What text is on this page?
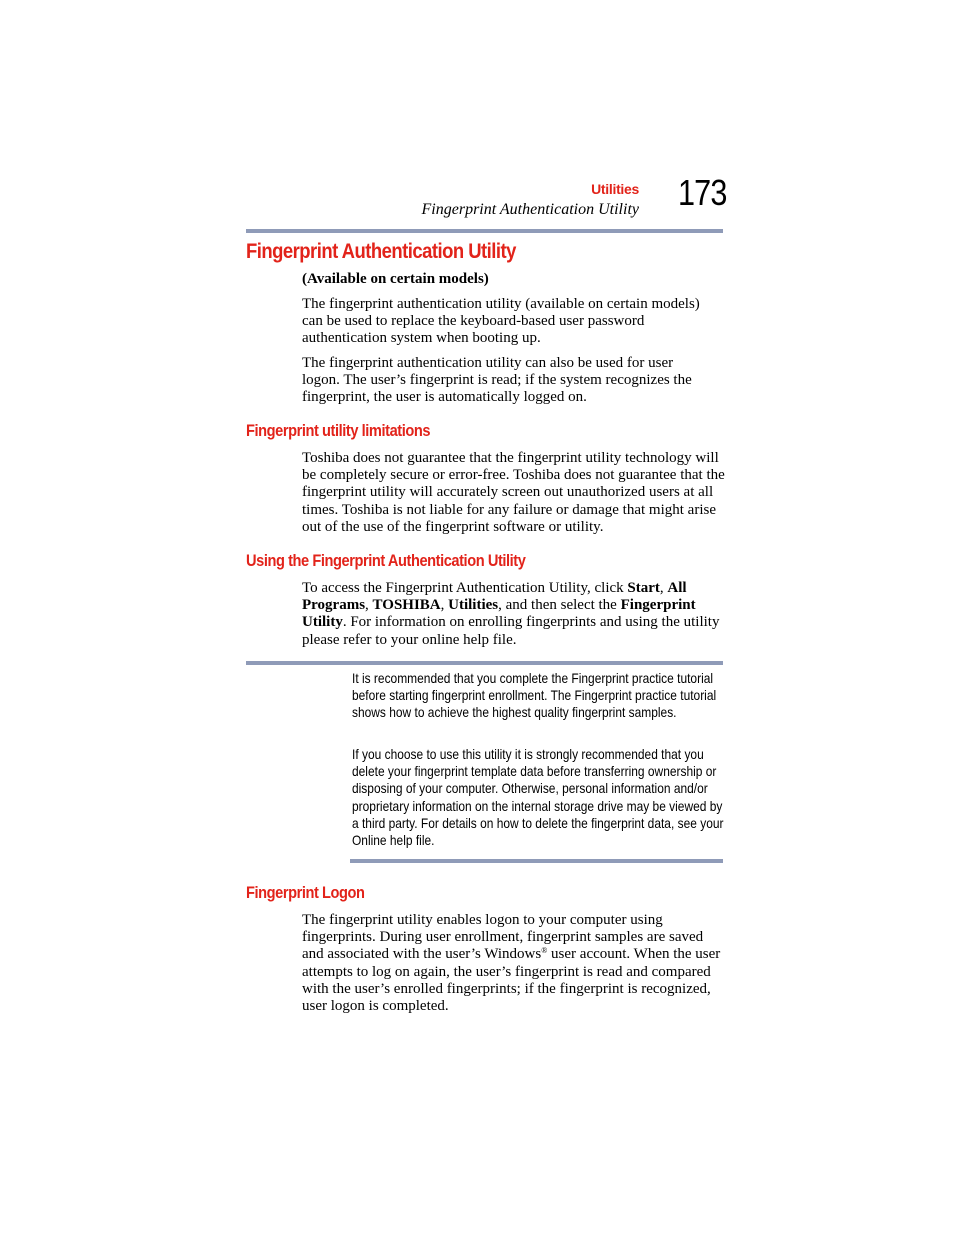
Utilities
Fingerprint Authentication Utility 173
Fingerprint Authentication Utility
(Available on certain models)
The fingerprint authentication utility (available on certain models) can be used to replace the keyboard-based user password authentication system when booting up.
The fingerprint authentication utility can also be used for user logon. The user’s fingerprint is read; if the system recognizes the fingerprint, the user is automatically logged on.
Fingerprint utility limitations
Toshiba does not guarantee that the fingerprint utility technology will be completely secure or error-free. Toshiba does not guarantee that the fingerprint utility will accurately screen out unauthorized users at all times. Toshiba is not liable for any failure or damage that might arise out of the use of the fingerprint software or utility.
Using the Fingerprint Authentication Utility
To access the Fingerprint Authentication Utility, click Start, All Programs, TOSHIBA, Utilities, and then select the Fingerprint Utility. For information on enrolling fingerprints and using the utility please refer to your online help file.
It is recommended that you complete the Fingerprint practice tutorial before starting fingerprint enrollment. The Fingerprint practice tutorial shows how to achieve the highest quality fingerprint samples.
If you choose to use this utility it is strongly recommended that you delete your fingerprint template data before transferring ownership or disposing of your computer. Otherwise, personal information and/or proprietary information on the internal storage drive may be viewed by a third party. For details on how to delete the fingerprint data, see your Online help file.
Fingerprint Logon
The fingerprint utility enables logon to your computer using fingerprints. During user enrollment, fingerprint samples are saved and associated with the user’s Windows® user account. When the user attempts to log on again, the user’s fingerprint is read and compared with the user’s enrolled fingerprints; if the fingerprint is recognized, user logon is completed.
